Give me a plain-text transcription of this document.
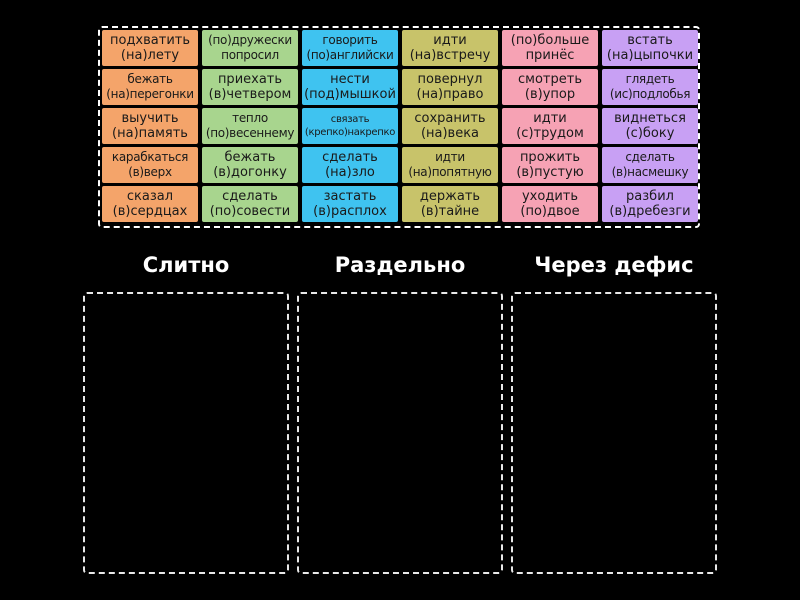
подхватить
(на)лету
(по)дружески
попросил
говорить
(по)английски
идти
(на)встречу
(по)больше
принёс
встать
(на)цыпочки
бежать
(на)перегонки
приехать
(в)четвером
нести
(под)мышкой
повернул
(на)право
смотреть
(в)упор
глядеть
(ис)подлобья
выучить
(на)память
тепло
(по)весеннему
связать
(крепко)накрепко
сохранить
(на)века
идти
(с)трудом
виднеться
(с)боку
карабкаться
(в)верх
бежать
(в)догонку
сделать
(на)зло
идти
(на)попятную
прожить
(в)пустую
сделать
(в)насмешку
сказал
(в)сердцах
сделать
(по)совести
застать
(в)расплох
держать
(в)тайне
уходить
(по)двое
разбил
(в)дребезги
Слитно	Раздельно	Через дефис
